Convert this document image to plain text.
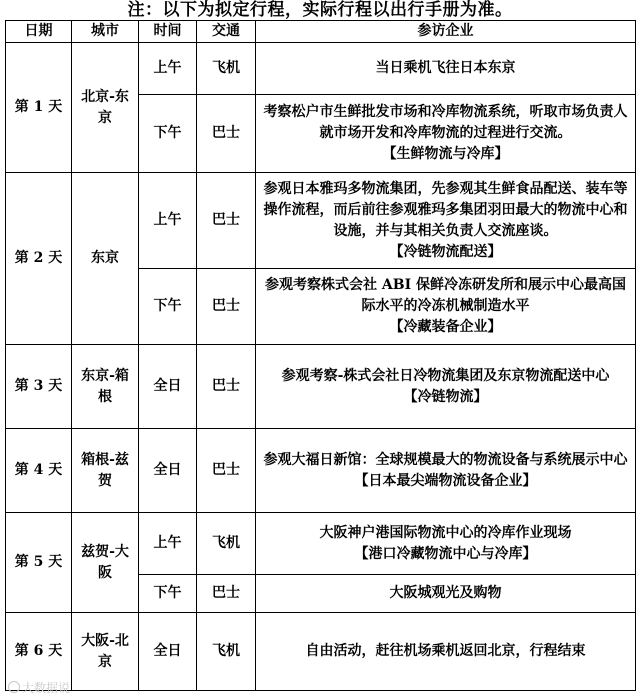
注：以下为拟定行程，实际行程以出行手册为准。
日期	城市	时间	交通	参访企业
第 1 天	北京-东京	上午	飞机	当日乘机飞往日本东京

		下午	巴士	考察松户市生鲜批发市场和冷库物流系统，听取市场负责人就市场开发和冷库物流的过程进行交流。
【生鲜物流与冷库】

第 2 天	东京	上午	巴士	参观日本雅玛多物流集团，先参观其生鲜食品配送、装车等操作流程，而后前往参观雅玛多集团羽田最大的物流中心和设施，并与其相关负责人交流座谈。
【冷链物流配送】

		下午	巴士	参观考察株式会社 ABI 保鲜冷冻研发所和展示中心最高国际水平的冷冻机械制造水平
【冷藏装备企业】

第 3 天	东京-箱根	全日	巴士	参观考察-株式会社日冷物流集团及东京物流配送中心
【冷链物流】

第 4 天	箱根-兹贺	全日	巴士	参观大福日新馆：全球规模最大的物流设备与系统展示中心
【日本最尖端物流设备企业】

第 5 天	兹贺-大阪	上午	飞机	大阪神户港国际物流中心的冷库作业现场
【港口冷藏物流中心与冷库】

		下午	巴士	大阪城观光及购物

第 6 天	大阪-北京	全日	飞机	自由活动，赶往机场乘机返回北京，行程结束
大数据说
